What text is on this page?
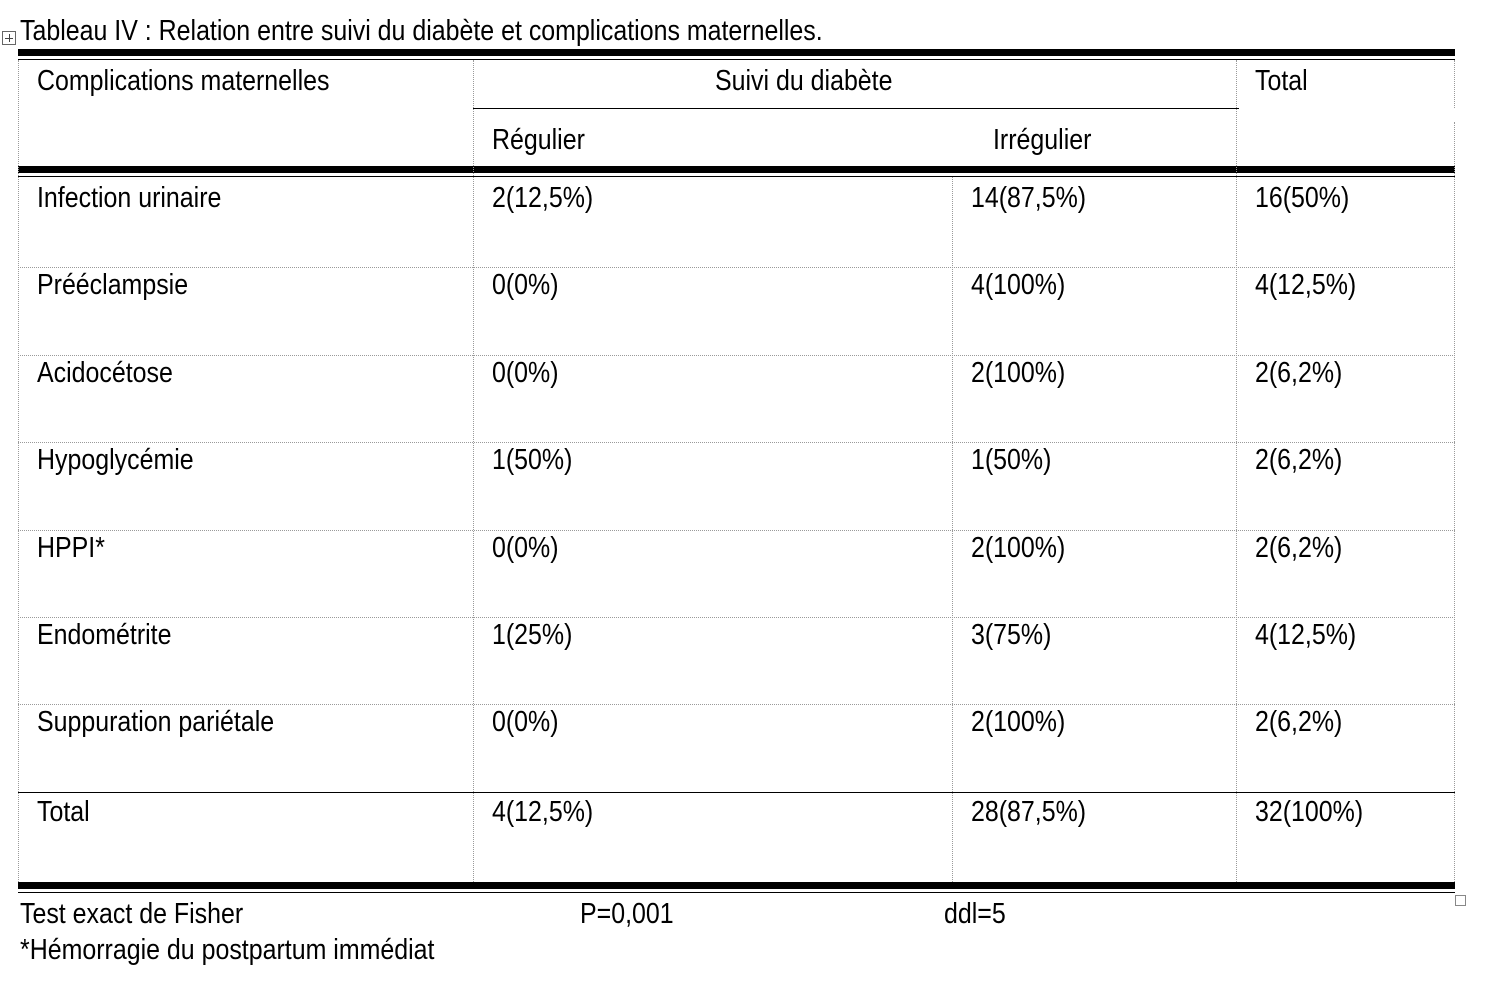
Tableau IV : Relation entre suivi du diabète et complications maternelles.
Complications maternelles	Suivi du diabète	Total
Régulier	Irrégulier
Infection urinaire	2(12,5%)	14(87,5%)	16(50%)
Prééclampsie	0(0%)	4(100%)	4(12,5%)
Acidocétose	0(0%)	2(100%)	2(6,2%)
Hypoglycémie	1(50%)	1(50%)	2(6,2%)
HPPI*	0(0%)	2(100%)	2(6,2%)
Endométrite	1(25%)	3(75%)	4(12,5%)
Suppuration pariétale	0(0%)	2(100%)	2(6,2%)
Total	4(12,5%)	28(87,5%)	32(100%)
Test exact de Fisher	P=0,001	ddl=5
*Hémorragie du postpartum immédiat
